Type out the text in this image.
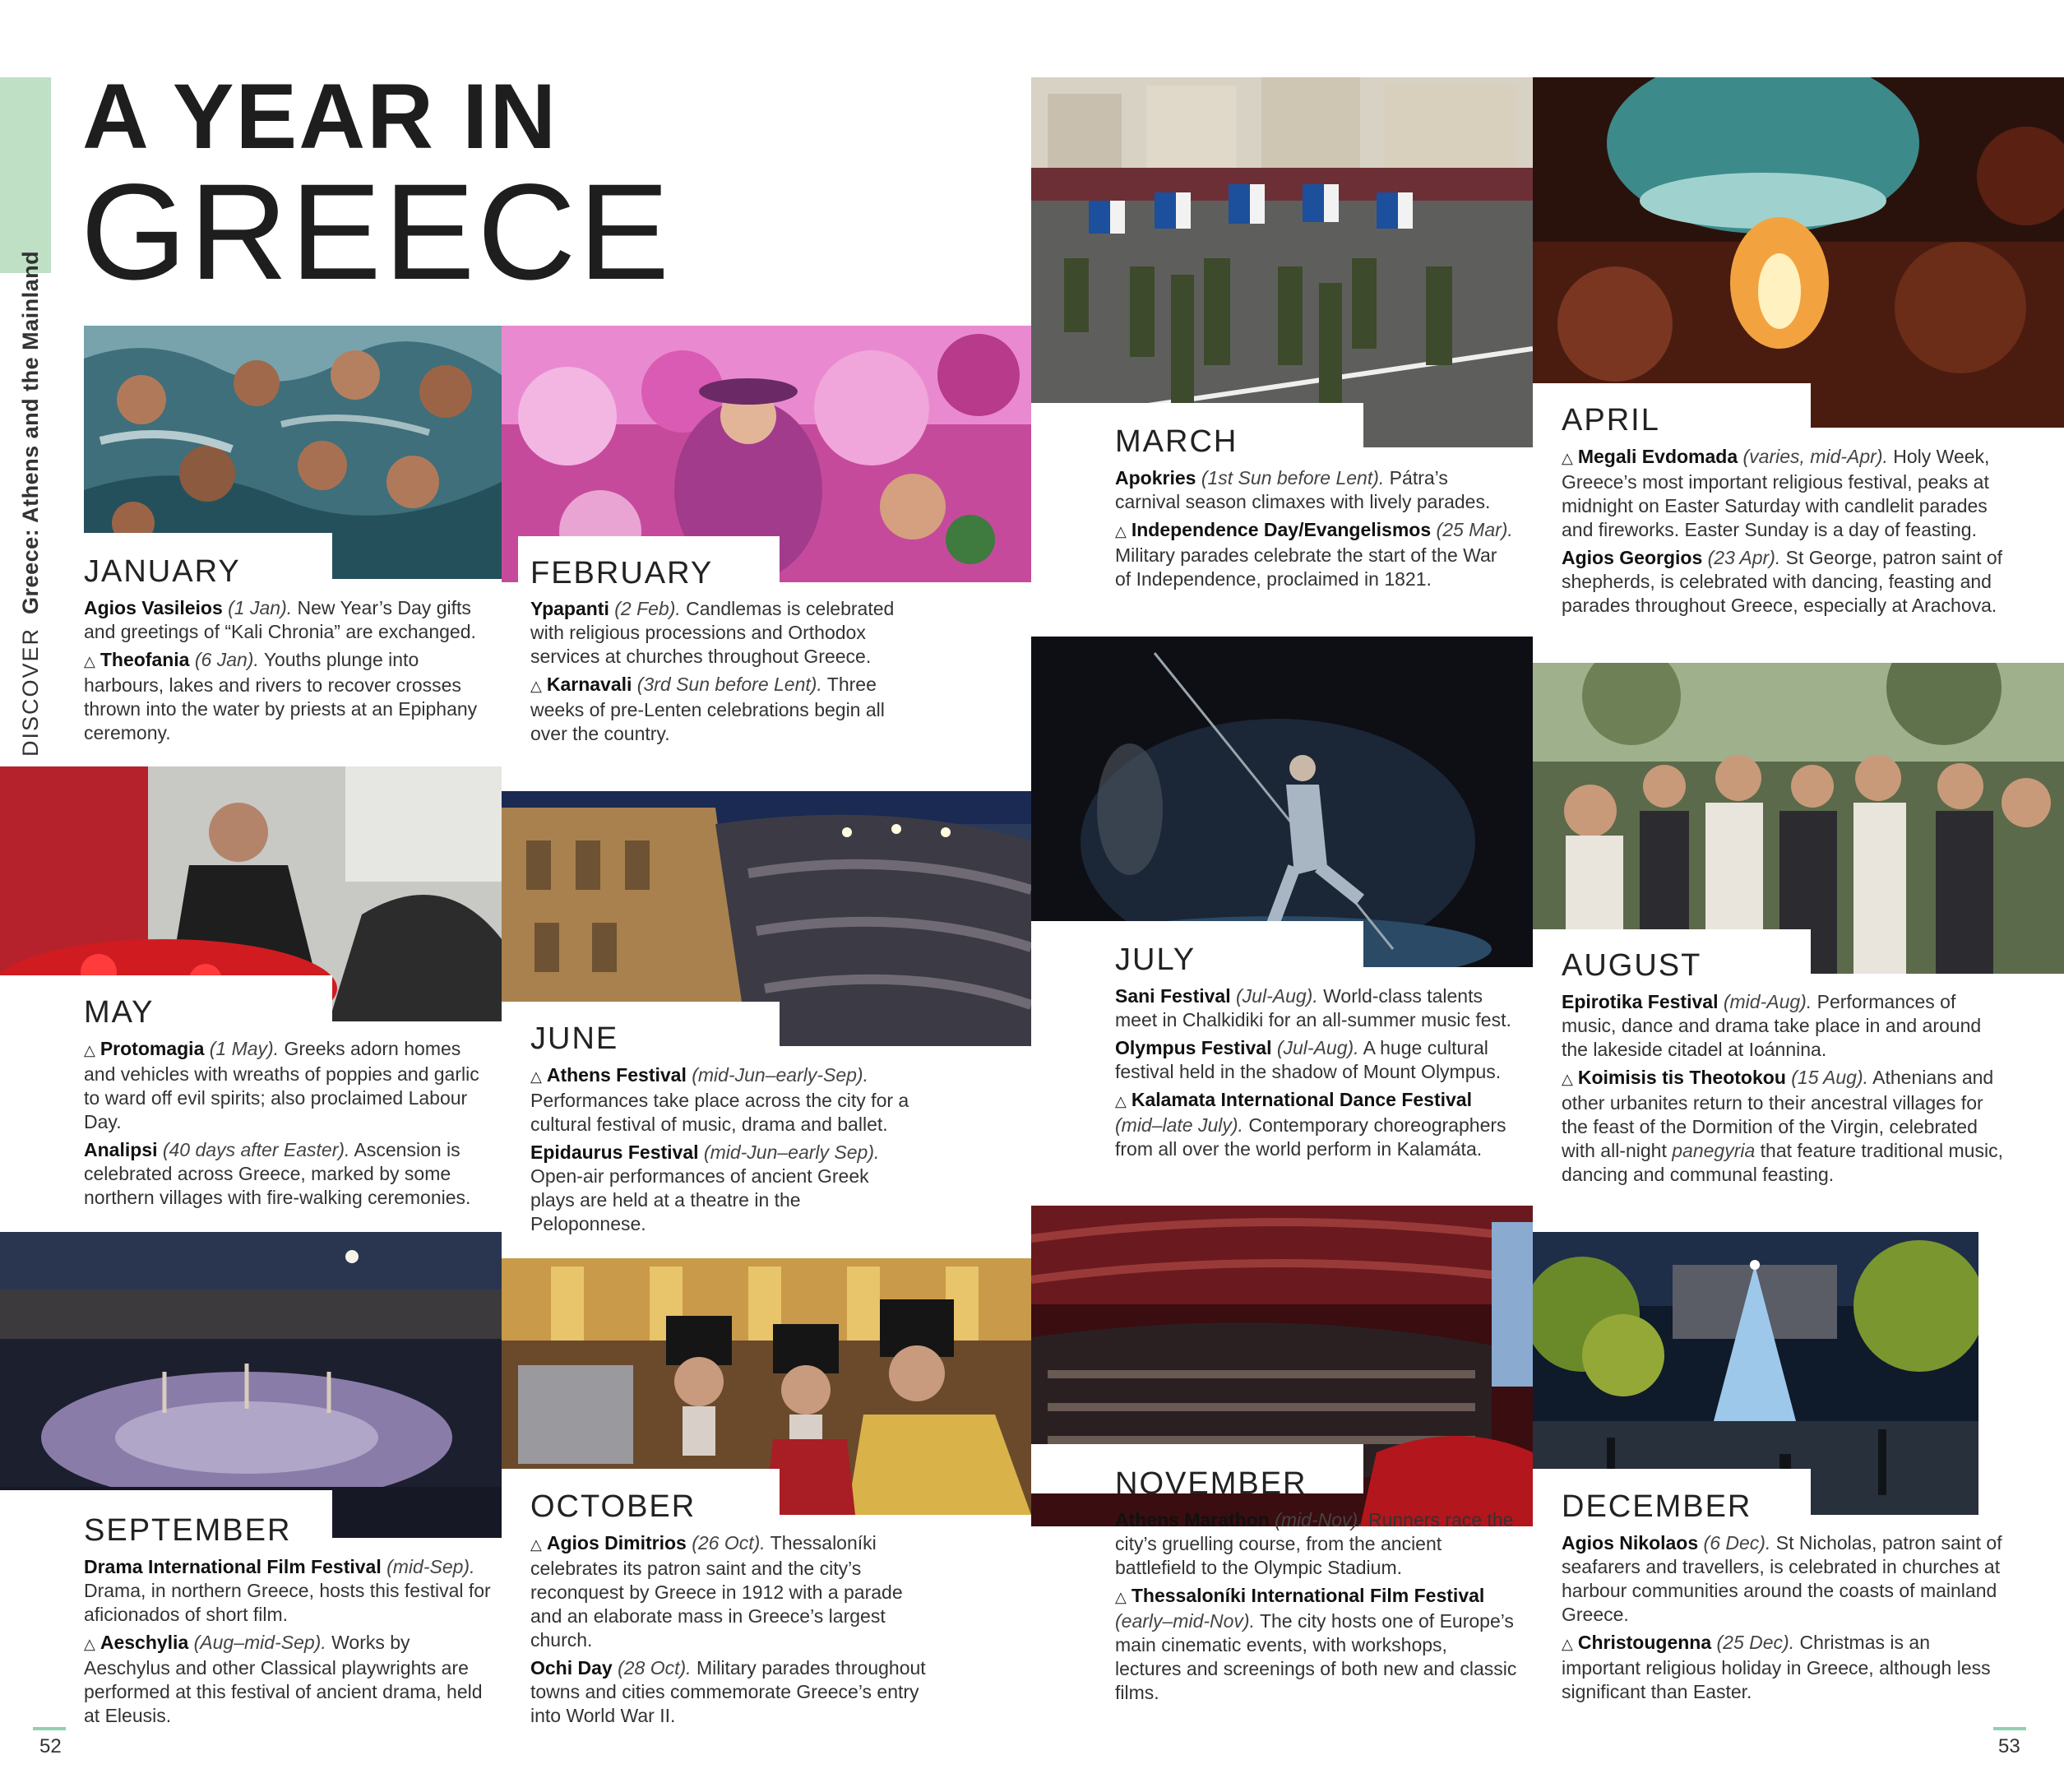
DISCOVER  Greece: Athens and the Mainland
A YEAR IN
GREECE
JANUARY

Agios Vasileios (1 Jan). New Year’s Day gifts and greetings of “Kali Chronia” are exchanged.

△ Theofania (6 Jan). Youths plunge into harbours, lakes and rivers to recover crosses thrown into the water by priests at an Epiphany ceremony.

FEBRUARY

Ypapanti (2 Feb). Candlemas is celebrated with religious processions and Orthodox services at churches throughout Greece.

△ Karnavali (3rd Sun before Lent). Three weeks of pre-Lenten celebrations begin all over the country.

MARCH

Apokries (1st Sun before Lent). Pátra’s carnival season climaxes with lively parades.

△ Independence Day/Evangelismos (25 Mar). Military parades celebrate the start of the War of Independence, proclaimed in 1821.

APRIL

△ Megali Evdomada (varies, mid-Apr). Holy Week, Greece’s most important religious festival, peaks at midnight on Easter Saturday with candlelit parades and fireworks. Easter Sunday is a day of feasting.

Agios Georgios (23 Apr). St George, patron saint of shepherds, is celebrated with dancing, feasting and parades throughout Greece, especially at Arachova.

MAY

△ Protomagia (1 May). Greeks adorn homes and vehicles with wreaths of poppies and garlic to ward off evil spirits; also proclaimed Labour Day.

Analipsi (40 days after Easter). Ascension is celebrated across Greece, marked by some northern villages with fire-walking ceremonies.

JUNE

△ Athens Festival (mid-Jun–early-Sep). Performances take place across the city for a cultural festival of music, drama and ballet.

Epidaurus Festival (mid-Jun–early Sep). Open-air performances of ancient Greek plays are held at a theatre in the Peloponnese.

JULY

Sani Festival (Jul-Aug). World-class talents meet in Chalkidiki for an all-summer music fest.

Olympus Festival (Jul-Aug). A huge cultural festival held in the shadow of Mount Olympus.

△ Kalamata International Dance Festival (mid–late July). Contemporary choreographers from all over the world perform in Kalamáta.

AUGUST

Epirotika Festival (mid-Aug). Performances of music, dance and drama take place in and around the lakeside citadel at Ioánnina.

△ Koimisis tis Theotokou (15 Aug). Athenians and other urbanites return to their ancestral villages for the feast of the Dormition of the Virgin, celebrated with all-night panegyria that feature traditional music, dancing and communal feasting.

SEPTEMBER

Drama International Film Festival (mid-Sep). Drama, in northern Greece, hosts this festival for aficionados of short film.

△ Aeschylia (Aug–mid-Sep). Works by Aeschylus and other Classical playwrights are performed at this festival of ancient drama, held at Eleusis.

OCTOBER

△ Agios Dimitrios (26 Oct). Thessaloníki celebrates its patron saint and the city’s reconquest by Greece in 1912 with a parade and an elaborate mass in Greece’s largest church.

Ochi Day (28 Oct). Military parades throughout towns and cities commemorate Greece’s entry into World War II.

NOVEMBER

Athens Marathon (mid-Nov). Runners race the city’s gruelling course, from the ancient battlefield to the Olympic Stadium.

△ Thessaloníki International Film Festival (early–mid-Nov). The city hosts one of Europe’s main cinematic events, with workshops, lectures and screenings of both new and classic films.

DECEMBER

Agios Nikolaos (6 Dec). St Nicholas, patron saint of seafarers and travellers, is celebrated in churches at harbour communities around the coasts of mainland Greece.

△ Christougenna (25 Dec). Christmas is an important religious holiday in Greece, although less significant than Easter.

52	53
